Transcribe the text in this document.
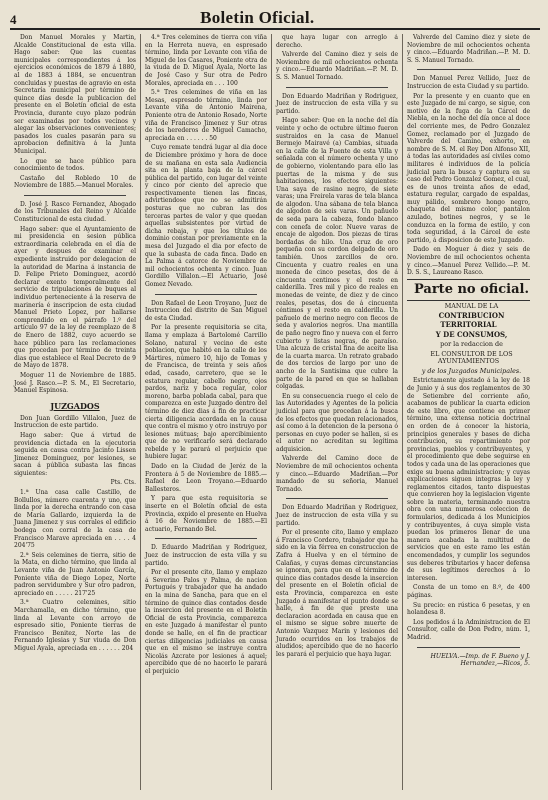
4	Boletin Oficial.

Don Manuel Morales y Martin, Alcalde Constitucional de esta villa. Hago saber: Que las cuentas municipales correspondientes á los ejercicios económicos de 1879 á 1880, al de 1883 á 1884, se encuentran concluidas y puestas de agravio en esta Secretaría municipal por término de quince días desde la publicacion del presente en el Boletín oficial de esta Provincia, durante cuyo plazo podrán ser examinadas por todos vecinos y alegar las observaciones convenientes; pasados los cuales pasarán para su aprobacion definitiva á la Junta Municipal.

Lo que se hace público para conocimiento de todos.

Castaño del Robledo 10 de Noviembre de 1885.—Manuel Morales.

D. José J. Rasco Fernandez, Abogado de los Tribunales del Reino y Alcalde Constitucional de esta ciudad.

Hago saber: que el Ayuntamiento de mi presidencia en sesion pública extraordinaria celebrada en el día de ayer y despues de examinar el expediente instruido por delegacion de la autoridad de Marina á instancia de D. Felipe Prieto Dominguez, acordó declarar exento temporalmente del servicio de tripulaciones de buques al individuo perteneciente á la reserva de marinería é inscripcion de esta ciudad Manuel Prieto Lopez, por hallarse comprendido en el párrafo 1.º del artículo 97 de la ley de reemplazo de 8 de Enero de 1882, cuyo acuerdo se hace público para las reclamaciones que procedan por término de treinta dias que establece el Real Decreto de 9 de Mayo de 1878.

Moguer 11 de Noviembre de 1885. José J. Rasco.—P. S. M., El Secretario, Manuel Espinosa.

JUZGADOS

Don Juan Gordillo Villalon, Juez de Instruccion de este partido.

Hago saber: Que á virtud de providencia dictada en la ejecutoria seguida en causa contra Jacinto Lissen Jimenez Dominguez, por lesiones, se sacan á pública subasta las fincas siguientes:

Pts. Cts.

1.ª Una casa calle Castillo, de Bollullos, número cuarenta y uno, que linda por la derecha entrando con casa de María Gallardo, izquierda la de Juana Jimenez y sus corrales el edificio bodega con corral de la casa de Francisco Marave apreciada en . . . . 4 204'75

2.ª Seis celemines de tierra, sitio de la Mata, en dicho término, que linda al Levante viña de Juan Antonio García, Poniente viña de Diego Lopez, Norte padron servidumbre y Sur otro padron, apreciado en . . . . . 217'25

3.ª Cuatro celemines, sitio Marchamalla, en dicho término, que linda al Levante con arroyo de espresado sitio, Poniente tierras de Francisco Benitez, Norte las de Fernando Iglesias y Sur viuda de Don Miguel Ayala, apreciada en . . . . . . 204

4.ª Tres celemines de tierra con viña en la Herreta nueva, en espresado término, linda por Levante con viña de Miguel de los Casares, Poniente otra de la viuda de D. Miguel Ayala, Norte las de José Caso y Sur otra de Pedro Morales, apreciada en . . . 100

5.ª Tres celemines de viña en las Mesas, espresado término, linda por Levante viña de Antonio Mairena, Poniente otra de Antonio Rosado, Norte viña de Francisco Jimenez y Sur otras de los herederos de Miguel Camacho, apreciada en . . . . . . 50

Cuyo remate tendrá lugar al dia doce de Diciembre próximo y hora de doce de su mañana en esta sala Audiencia sita en la planta baja de la cárcel pública del partido, con lugar del veinte y cinco por ciento del aprecio que respectivamente tienen las fincas, advirtiendose que no se admitirán posturas que no cubran las dos terceras partes de valor y que quedan aquellas subsistentes por virtud de dicha rebaja, y que los títulos de dominio constan por previamente en la mesa del Juzgado el dia por efecto de que la subasta de cada finca. Dado en La Palma á catorce de Noviembre de mil ochocientos ochenta y cinco. Juan Gordillo Villalon.—El Actuario, José Gomez Nevado.

Don Rafael de Leon Troyano, Juez de Instruccion del distrito de San Miguel de esta Ciudad.

Por la presente requisitoria se cita, llama y emplaza á Bartolomé Carrillo Solano, natural y vecino de este poblacion, que habitó en la calle de los Mártires, número 10, hijo de Tomas y de Francisca, de treinta y seis años edad, casado, carretero, que se le estatura regular, cabello negro, ojos pardos, nariz y boca regular, color moreno, barba poblada cabal, para que comparezca en este Juzgado dentro del término de diez dias á fin de practicar cierta diligencia acordada en la causa que contra el mismo y otro instruyo por lesiones mútuas; bajo apercibimiento que de no verificarlo será declarado rebelde y le parará el perjuicio que hubiere lugar.

Dado en la Ciudad de Jeréz de la Frontera á 5 de Noviembre de 1885.—Rafael de Leon Troyano.—Eduardo Ballesteros.

Y para que esta requisitoria se inserte en el Boletín oficial de esta Provincia, expido el presente en Huelva á 16 de Noviembre de 1885.—El actuario, Fernando Bel.

D. Eduardo Madriñan y Rodriguez, Juez de instruccion de esta villa y su partido.

Por el presente cito, llamo y emplazo á Severino Palos y Palma, de nacion Portugués y trabajador que ha andado en la mina de Sancha, para que en el término de quince dias contados desde la insercion del presente en el Boletín Oficial de esta Provincia, comparezca en este Juzgado á manifestar el punto donde se halle, en el fin de practicar ciertas diligencias judiciales en causa que en el mismo se instruye contra Nicolás Azcrate por lesiones á aquel; apercibido que de no hacerlo le parará el perjuicio

que haya lugar con arreglo á derecho.

Valverde del Camino diez y seis de Noviembre de mil ochocientos ochenta y cinco.—Eduardo Madriñan.—P. M. D. S. S. Manuel Tornado.

Don Eduardo Madriñan y Rodriguez, Juez de instruccion de esta villa y su partido.

Hago saber: Que en la noche del día veinte y ocho de octubre último fueron sustraidos en la casa de Manuel Bermejo Mairavé (a) Cambias, situada en la calle de la Fuente de esta Villa y señalada con el número ochenta y uno de gobierno, violentando para ello las puertas de la misma y de sus habitaciones, los efectos siguientes: Una saya de rasino negro, de siete varas; una Freirela varas de tela blanca de algodon. Una sábana de tela blanca de algodon de seis varas. Un pañuelo de seda para la cabeza, fondo blanco con cenefa de color. Nueve varas de encaje de algodon. Dos piezas de tiras bordadas de hilo. Una cruz de oro pequeña con su cordon delgado de oro también. Unos zarcillos de oro. Cincuenta y cuatro reales en una moneda de cinco pesetas, dos de á cincuenta centimos y el resto en calderilla. Tres mil y pico de reales en monedas de veinte, de diez y de cinco reales, pesetas, dos de á cincuenta céntimos y el resto en calderilla. Un pañuelo de merino negro con flecos de seda y avalorios negros. Una mantilla de paño negro fino y nueva con el ferro cubierto y listas negras, de paraíso. Una alcuza de cristal fina de aceite lisa de la cuarta marca. Un retrato grabado de dos tercios de largo por uno de ancho de la Santisima que cubre la parte de la pared en que se hallaban colgadas.

En su consecuencia ruego el celo de las Autoridades y Agentes de la policia judicial para que procedan á la busca de los efectos que quedan relacionados, así como á la detencion de la persona ó personas en cuyo poder se hallen, si es el autor no acreditan su legítima adquisicion.

Valverde del Camino doce de Noviembre de mil ochocientos ochenta y cinco.—Eduardo Madriñan.—Por mandado de su señoria, Manuel Tornado.

Don Eduardo Madriñan y Rodriguez, Juez de instruccion de esta villa y su partido.

Por el presente cito, llamo y emplazo á Francisco Cordero, trabajador que ha sido en la via férrea en construccion de Zafra á Huelva y en el término de Calañas, y cuyas demas circunstancias se ignoran, para que en el término de quince dias contados desde la insercion del presente en el Boletín oficial de esta Provincia, comparezca en este Juzgado á manifestar el punto donde se halle, á fin de que preste una declaracion acordada en causa que en el mismo se sigue sobre muerte de Antonio Vazquez Marin y lesiones del Jurado ocurridos en los trabajos de aludidos; apercibido que de no hacerlo les parará el perjuicio que haya lugar.

Valverde del Camino diez y siete de Noviembre de mil ochocientos ochenta y cinco.—Eduardo Madriñan.—P. M. D. S. S. Manuel Tornado.

Don Manuel Perez Vellido, Juez de Instruccion de esta Ciudad y su partido.

Por la presente y en cuanto que en este Juzgado de mi cargo, se sigue, con motivo de la fuga de la Cárcel de Niebla, en la noche del día once al doce del corriente mes, de Pedro Gonzalez Gomez, reclamado por el Juzgado de Valverde del Camino, exhorto, en nombre de S. M. el Rey Don Alfonso XII, á todas las autoridades así civiles como militares é individuos de la policía judicial para la busca y captura en su caso del Pedro Gonzalez Gomez, el cual, es de unos treinta años de edad, estatura regular, cargado de espaldas, muy pálido, sombrero hongo negro, chaqueta del mismo color, pantalon azulado, botines negros, y se le conduzca en la forma de estilo, y con toda seguridad, á la Cárcel de este partido, á disposicion de este Juzgado.

Dado en Moguer á diez y seis de Noviembre de mil ochocientos ochenta y cinco.—Manuel Perez Vellido.—P. M. D. S. S., Laureano Rasco.

Parte no oficial.

MANUAL DE LA

CONTRIBUCION TERRITORIAL

Y DE CONSUMOS,

por la redaccion de

EL CONSULTOR DE LOS AYUNTAMIENTOS

y de los Juzgados Municipales.

Estrictamente ajustado á la ley de 18 de Junio y á sus dos reglamentos de 30 de Setiembre del corriente año, acabamos de publicar la cuarta edicion de este libro, que contiene en primer término, una extensa noticia doctrinal en orden de á conocer la historia, principios generales y bases de dicha contribucion, su repartimiento por provincias, pueblos y contribuyentes, y el procedimiento que debe seguirse en todos y cada una de las operaciones que exige su buena administracion; y cuyas explicaciones siguen integras la ley y reglamentos citados, tanto dispuestas que convieren hoy la legislacion vigente sobre la materia, terminando nuestra obra con una numerosa coleccion de formularios, dedicada á los Municipios y contribuyentes, á cuya simple vista puedan los primeros llenar de una manera acabada la multitud de servicios que en este ramo les están encomendados, y cumplir los segundos sus deberes tributarios y hacer defensa de sus legítimos derechos á lo interesen.

Consta de un tomo en 8.º, de 400 páginas.

Su precio: en rústica 6 pesetas, y en holandesa 8.

Los pedidos á la Administracion de El Consultor, calle de Don Pedro, núm. 1, Madrid.

HUELVA.—Imp. de F. Bueno y J. Hernandez,—Ricos, 5.
